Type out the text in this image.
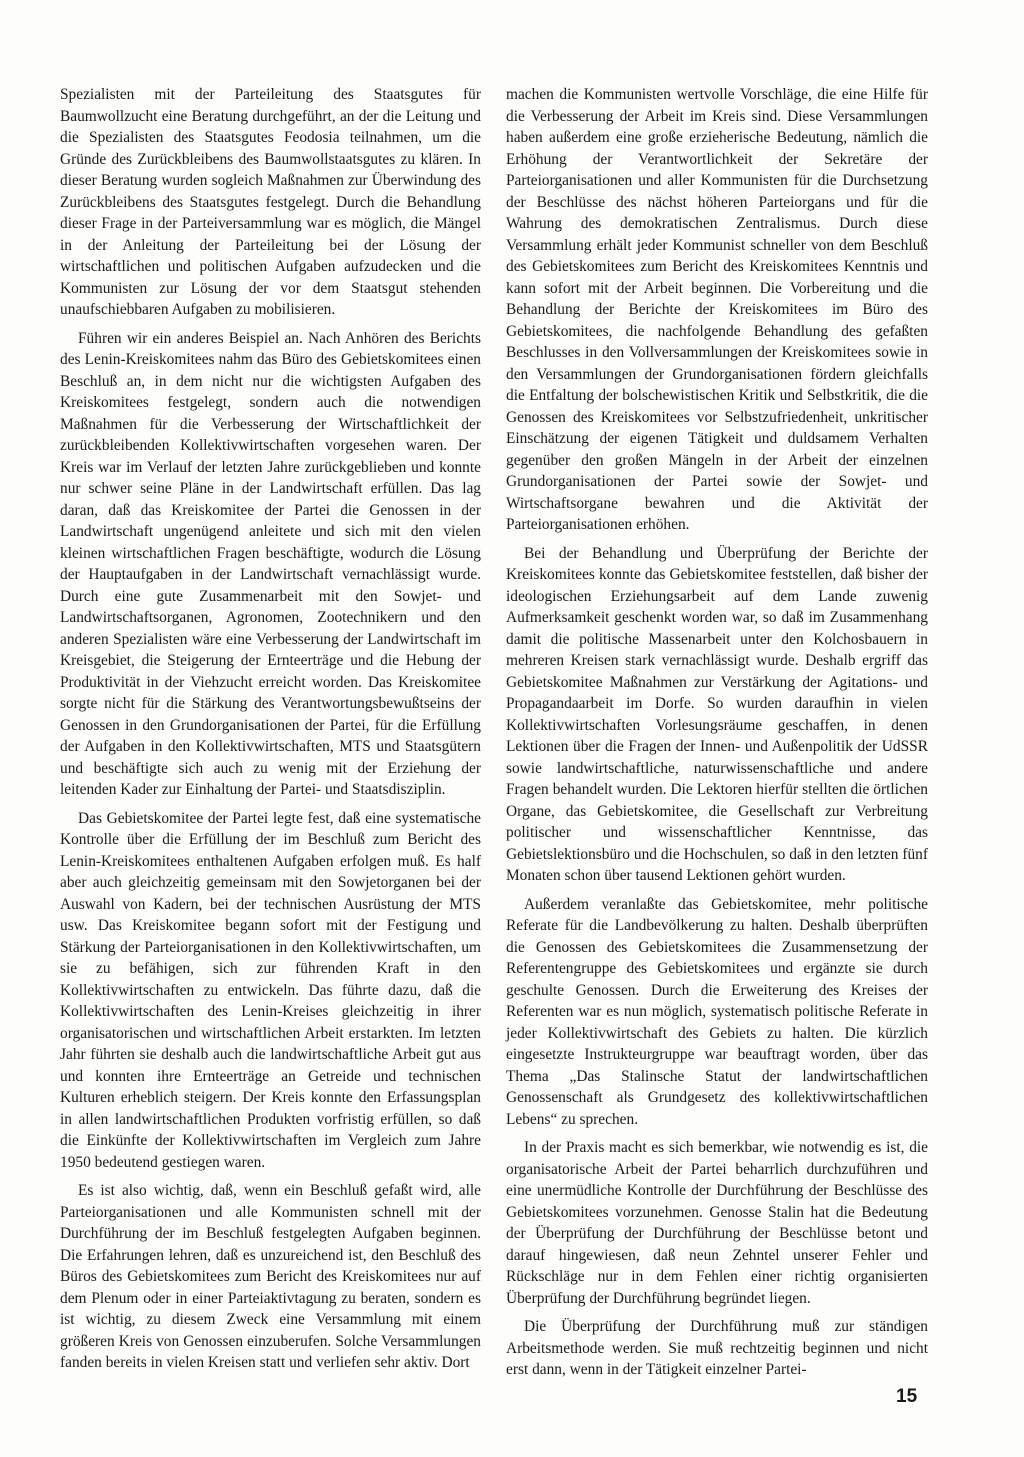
Spezialisten mit der Parteileitung des Staatsgutes für Baumwollzucht eine Beratung durchgeführt, an der die Leitung und die Spezialisten des Staatsgutes Feodosia teilnahmen, um die Gründe des Zurückbleibens des Baumwollstaatsgutes zu klären. In dieser Beratung wurden sogleich Maßnahmen zur Überwindung des Zurückbleibens des Staatsgutes festgelegt. Durch die Behandlung dieser Frage in der Parteiversammlung war es möglich, die Mängel in der Anleitung der Parteileitung bei der Lösung der wirtschaftlichen und politischen Aufgaben aufzudecken und die Kommunisten zur Lösung der vor dem Staatsgut stehenden unaufschiebbaren Aufgaben zu mobilisieren.

Führen wir ein anderes Beispiel an. Nach Anhören des Berichts des Lenin-Kreiskomitees nahm das Büro des Gebietskomitees einen Beschluß an, in dem nicht nur die wichtigsten Aufgaben des Kreiskomitees festgelegt, sondern auch die notwendigen Maßnahmen für die Verbesserung der Wirtschaftlichkeit der zurückbleibenden Kollektivwirtschaften vorgesehen waren. Der Kreis war im Verlauf der letzten Jahre zurückgeblieben und konnte nur schwer seine Pläne in der Landwirtschaft erfüllen. Das lag daran, daß das Kreiskomitee der Partei die Genossen in der Landwirtschaft ungenügend anleitete und sich mit den vielen kleinen wirtschaftlichen Fragen beschäftigte, wodurch die Lösung der Hauptaufgaben in der Landwirtschaft vernachlässigt wurde. Durch eine gute Zusammenarbeit mit den Sowjet- und Landwirtschaftsorganen, Agronomen, Zootechnikern und den anderen Spezialisten wäre eine Verbesserung der Landwirtschaft im Kreisgebiet, die Steigerung der Ernteerträge und die Hebung der Produktivität in der Viehzucht erreicht worden. Das Kreiskomitee sorgte nicht für die Stärkung des Verantwortungsbewußtseins der Genossen in den Grundorganisationen der Partei, für die Erfüllung der Aufgaben in den Kollektivwirtschaften, MTS und Staatsgütern und beschäftigte sich auch zu wenig mit der Erziehung der leitenden Kader zur Einhaltung der Partei- und Staatsdisziplin.

Das Gebietskomitee der Partei legte fest, daß eine systematische Kontrolle über die Erfüllung der im Beschluß zum Bericht des Lenin-Kreiskomitees enthaltenen Aufgaben erfolgen muß. Es half aber auch gleichzeitig gemeinsam mit den Sowjetorganen bei der Auswahl von Kadern, bei der technischen Ausrüstung der MTS usw. Das Kreiskomitee begann sofort mit der Festigung und Stärkung der Parteiorganisationen in den Kollektivwirtschaften, um sie zu befähigen, sich zur führenden Kraft in den Kollektivwirtschaften zu entwickeln. Das führte dazu, daß die Kollektivwirtschaften des Lenin-Kreises gleichzeitig in ihrer organisatorischen und wirtschaftlichen Arbeit erstarkten. Im letzten Jahr führten sie deshalb auch die landwirtschaftliche Arbeit gut aus und konnten ihre Ernteerträge an Getreide und technischen Kulturen erheblich steigern. Der Kreis konnte den Erfassungsplan in allen landwirtschaftlichen Produkten vorfristig erfüllen, so daß die Einkünfte der Kollektivwirtschaften im Vergleich zum Jahre 1950 bedeutend gestiegen waren.

Es ist also wichtig, daß, wenn ein Beschluß gefaßt wird, alle Parteiorganisationen und alle Kommunisten schnell mit der Durchführung der im Beschluß festgelegten Aufgaben beginnen. Die Erfahrungen lehren, daß es unzureichend ist, den Beschluß des Büros des Gebietskomitees zum Bericht des Kreiskomitees nur auf dem Plenum oder in einer Parteiaktivtagung zu beraten, sondern es ist wichtig, zu diesem Zweck eine Versammlung mit einem größeren Kreis von Genossen einzuberufen. Solche Versammlungen fanden bereits in vielen Kreisen statt und verliefen sehr aktiv. Dort

machen die Kommunisten wertvolle Vorschläge, die eine Hilfe für die Verbesserung der Arbeit im Kreis sind. Diese Versammlungen haben außerdem eine große erzieherische Bedeutung, nämlich die Erhöhung der Verantwortlichkeit der Sekretäre der Parteiorganisationen und aller Kommunisten für die Durchsetzung der Beschlüsse des nächst höheren Parteiorgans und für die Wahrung des demokratischen Zentralismus. Durch diese Versammlung erhält jeder Kommunist schneller von dem Beschluß des Gebietskomitees zum Bericht des Kreiskomitees Kenntnis und kann sofort mit der Arbeit beginnen. Die Vorbereitung und die Behandlung der Berichte der Kreiskomitees im Büro des Gebietskomitees, die nachfolgende Behandlung des gefaßten Beschlusses in den Vollversammlungen der Kreiskomitees sowie in den Versammlungen der Grundorganisationen fördern gleichfalls die Entfaltung der bolschewistischen Kritik und Selbstkritik, die die Genossen des Kreiskomitees vor Selbstzufriedenheit, unkritischer Einschätzung der eigenen Tätigkeit und duldsamem Verhalten gegenüber den großen Mängeln in der Arbeit der einzelnen Grundorganisationen der Partei sowie der Sowjet- und Wirtschaftsorgane bewahren und die Aktivität der Parteiorganisationen erhöhen.

Bei der Behandlung und Überprüfung der Berichte der Kreiskomitees konnte das Gebietskomitee feststellen, daß bisher der ideologischen Erziehungsarbeit auf dem Lande zuwenig Aufmerksamkeit geschenkt worden war, so daß im Zusammenhang damit die politische Massenarbeit unter den Kolchosbauern in mehreren Kreisen stark vernachlässigt wurde. Deshalb ergriff das Gebietskomitee Maßnahmen zur Verstärkung der Agitations- und Propagandaarbeit im Dorfe. So wurden daraufhin in vielen Kollektivwirtschaften Vorlesungsräume geschaffen, in denen Lektionen über die Fragen der Innen- und Außenpolitik der UdSSR sowie landwirtschaftliche, naturwissenschaftliche und andere Fragen behandelt wurden. Die Lektoren hierfür stellten die örtlichen Organe, das Gebietskomitee, die Gesellschaft zur Verbreitung politischer und wissenschaftlicher Kenntnisse, das Gebietslektionsbüro und die Hochschulen, so daß in den letzten fünf Monaten schon über tausend Lektionen gehört wurden.

Außerdem veranlaßte das Gebietskomitee, mehr politische Referate für die Landbevölkerung zu halten. Deshalb überprüften die Genossen des Gebietskomitees die Zusammensetzung der Referentengruppe des Gebietskomitees und ergänzte sie durch geschulte Genossen. Durch die Erweiterung des Kreises der Referenten war es nun möglich, systematisch politische Referate in jeder Kollektivwirtschaft des Gebiets zu halten. Die kürzlich eingesetzte Instrukteurgruppe war beauftragt worden, über das Thema „Das Stalinsche Statut der landwirtschaftlichen Genossenschaft als Grundgesetz des kollektivwirtschaftlichen Lebens“ zu sprechen.

In der Praxis macht es sich bemerkbar, wie notwendig es ist, die organisatorische Arbeit der Partei beharrlich durchzuführen und eine unermüdliche Kontrolle der Durchführung der Beschlüsse des Gebietskomitees vorzunehmen. Genosse Stalin hat die Bedeutung der Überprüfung der Durchführung der Beschlüsse betont und darauf hingewiesen, daß neun Zehntel unserer Fehler und Rückschläge nur in dem Fehlen einer richtig organisierten Überprüfung der Durchführung begründet liegen.

Die Überprüfung der Durchführung muß zur ständigen Arbeitsmethode werden. Sie muß rechtzeitig beginnen und nicht erst dann, wenn in der Tätigkeit einzelner Partei-

15
